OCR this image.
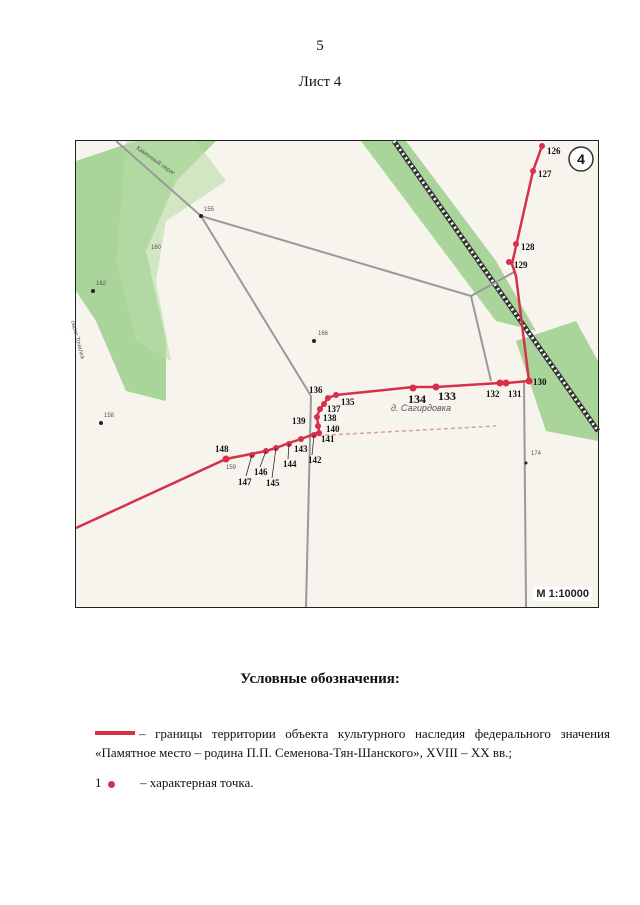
5
Лист 4
155
162
166
158
174
160
159
Каменный овраг
овраг Точилка
д. Сагирдовка
126
127
128
129
130
131
132
133
134
135
136
137
138
139
140
141
142
143
144
145
146
147
148
4
М 1:10000
Условные обозначения:
– границы территории объекта культурного наследия федерального значения «Памятное место – родина П.П. Семенова-Тян-Шанского», XVIII – XX вв.;
1	– характерная точка.
